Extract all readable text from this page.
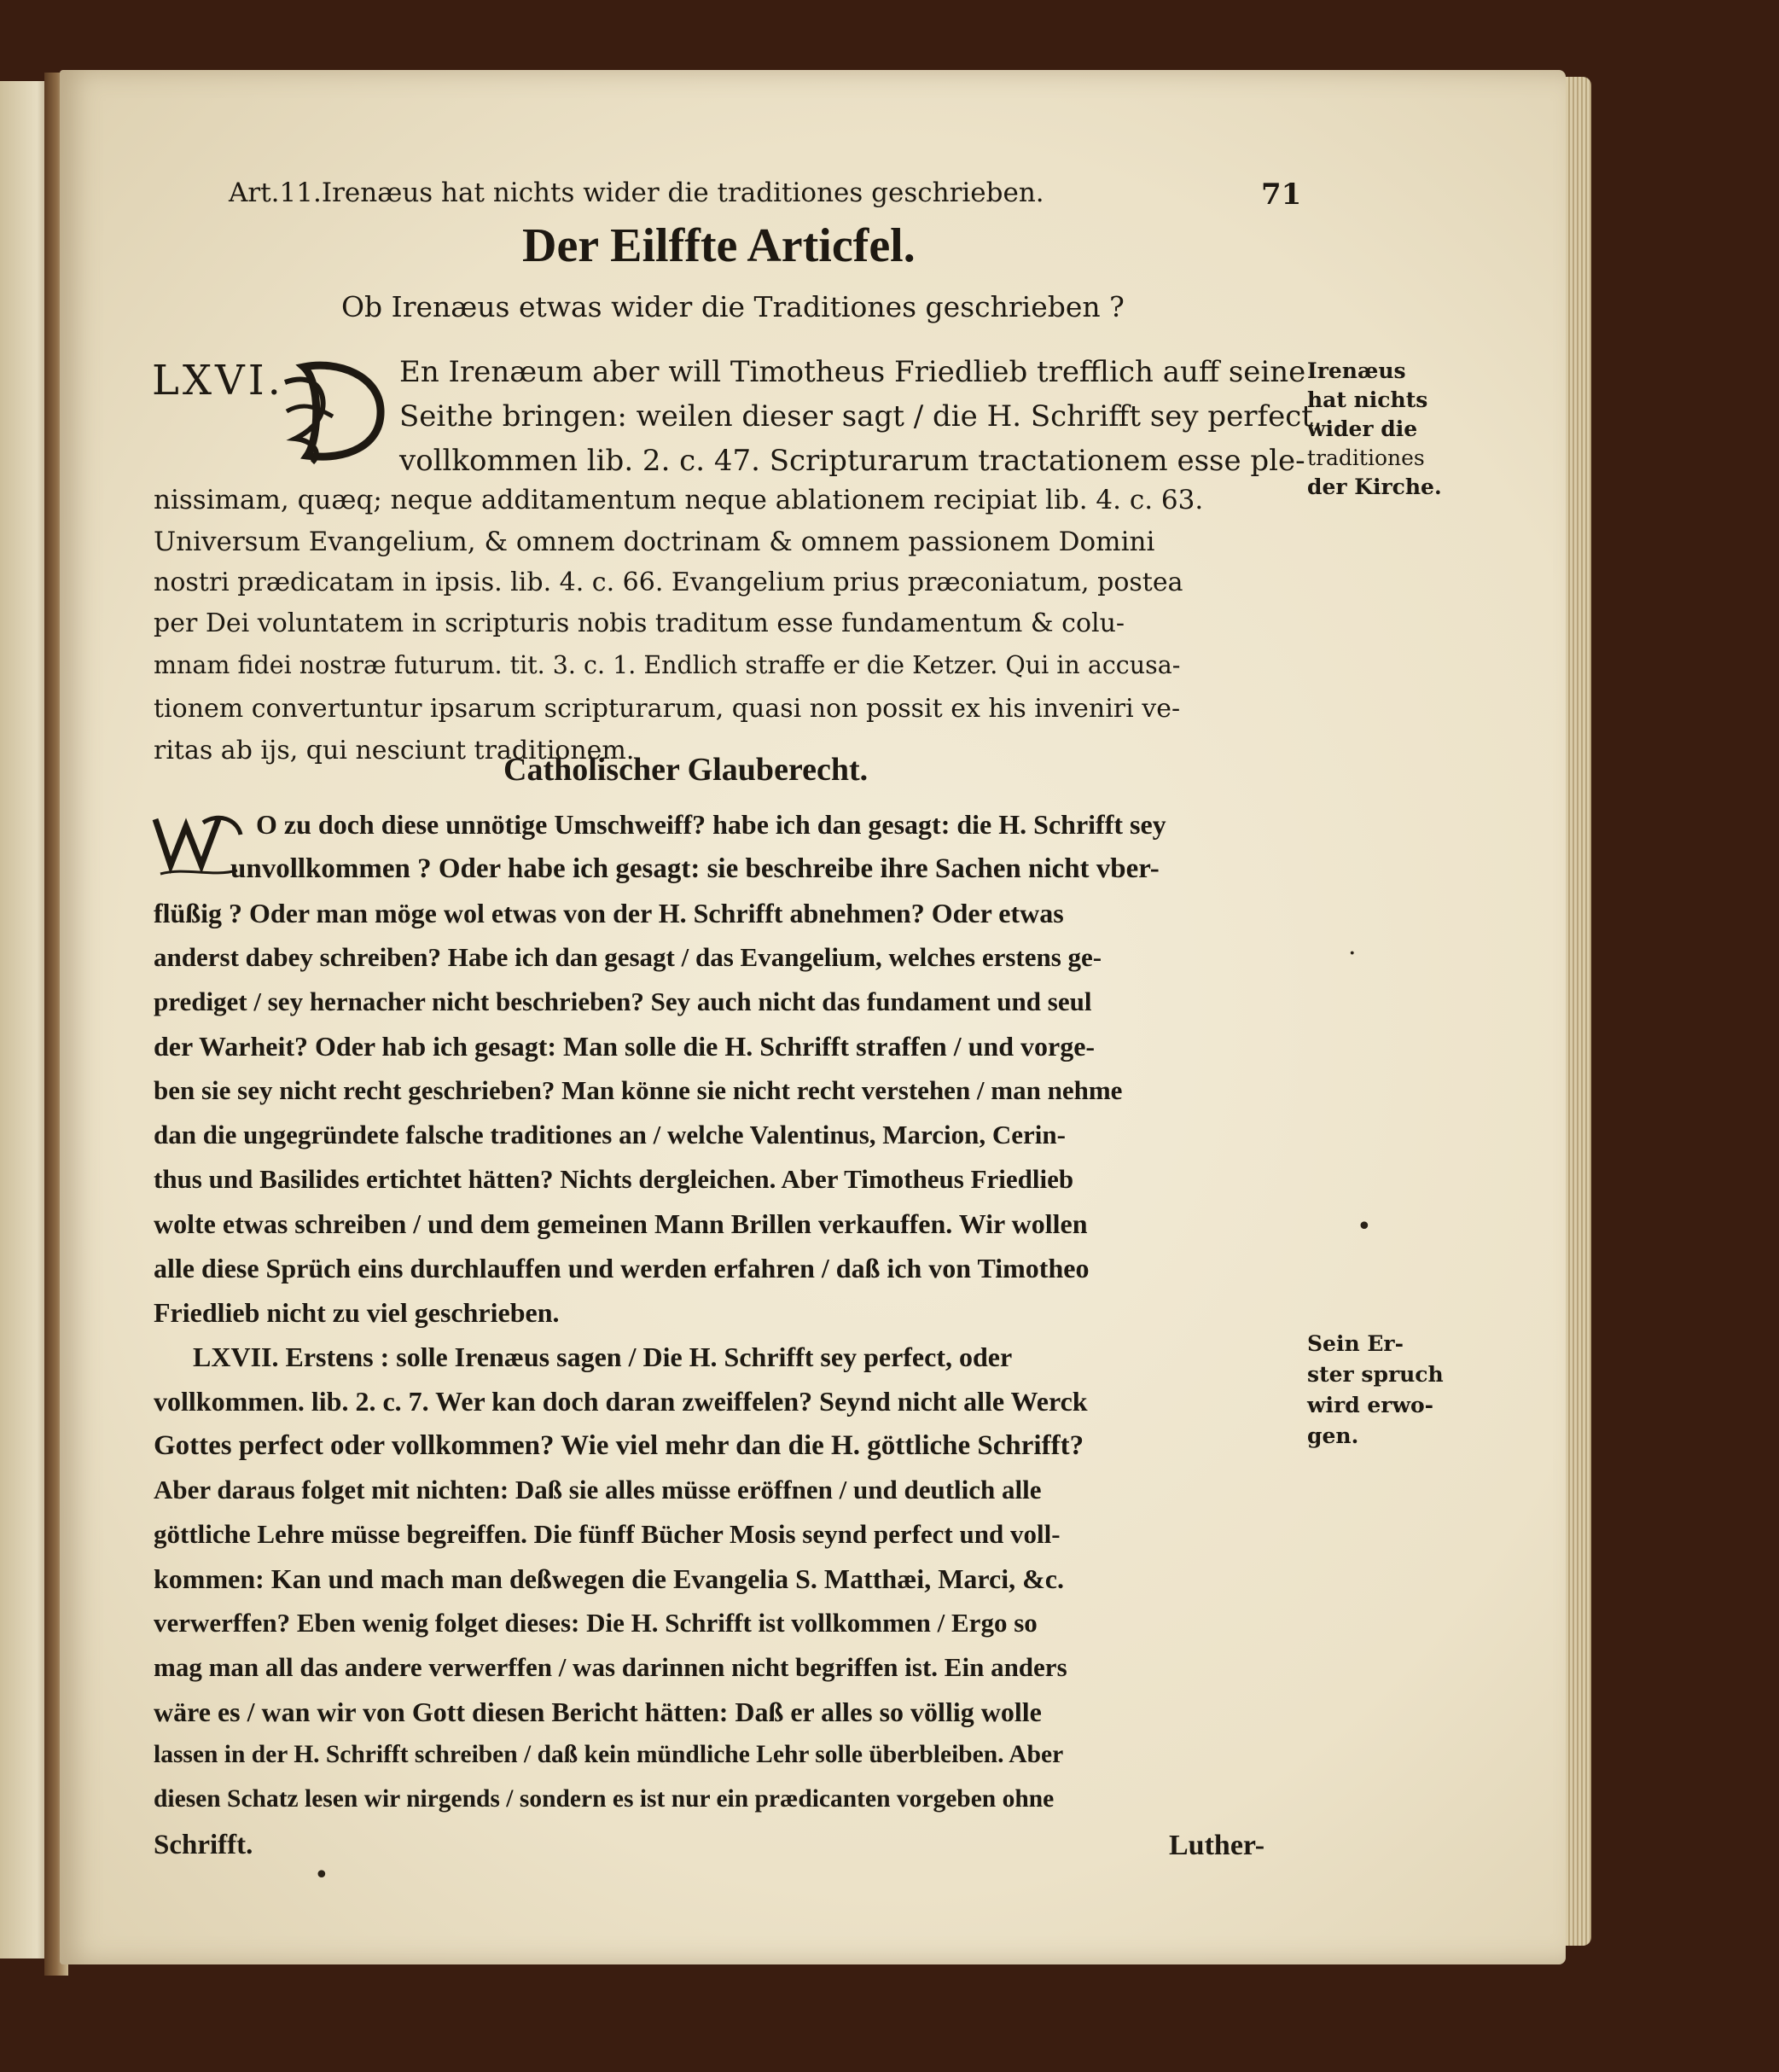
Art.11.Irenæus hat nichts wider die traditiones geschrieben.	71

Der Eilffte Articfel.

Ob Irenæus etwas wider die Traditiones geschrieben ?

LXVI.	En Irenæum aber will Timotheus Friedlieb trefflich auff seine

Seithe bringen: weilen dieser sagt / die H. Schrifft sey perfect,

vollkommen lib. 2. c. 47. Scripturarum tractationem esse ple-

nissimam, quæq; neque additamentum neque ablationem recipiat lib. 4. c. 63.

Universum Evangelium, & omnem doctrinam & omnem passionem Domini

nostri prædicatam in ipsis. lib. 4. c. 66. Evangelium prius præconiatum, postea

per Dei voluntatem in scripturis nobis traditum esse fundamentum & colu-

mnam fidei nostræ futurum. tit. 3. c. 1. Endlich straffe er die Ketzer. Qui in accusa-

tionem convertuntur ipsarum scripturarum, quasi non possit ex his inveniri ve-

ritas ab ijs, qui nesciunt traditionem.

Catholischer Glauberecht.

O zu doch diese unnötige Umschweiff? habe ich dan gesagt: die H. Schrifft sey

unvollkommen ? Oder habe ich gesagt: sie beschreibe ihre Sachen nicht vber-

flüßig ? Oder man möge wol etwas von der H. Schrifft abnehmen? Oder etwas

anderst dabey schreiben? Habe ich dan gesagt / das Evangelium, welches erstens ge-

prediget / sey hernacher nicht beschrieben? Sey auch nicht das fundament und seul

der Warheit? Oder hab ich gesagt: Man solle die H. Schrifft straffen / und vorge-

ben sie sey nicht recht geschrieben? Man könne sie nicht recht verstehen / man nehme

dan die ungegründete falsche traditiones an / welche Valentinus, Marcion, Cerin-

thus und Basilides ertichtet hätten? Nichts dergleichen. Aber Timotheus Friedlieb

wolte etwas schreiben / und dem gemeinen Mann Brillen verkauffen. Wir wollen

alle diese Sprüch eins durchlauffen und werden erfahren / daß ich von Timotheo

Friedlieb nicht zu viel geschrieben.

LXVII. Erstens : solle Irenæus sagen / Die H. Schrifft sey perfect, oder

vollkommen. lib. 2. c. 7. Wer kan doch daran zweiffelen? Seynd nicht alle Werck

Gottes perfect oder vollkommen? Wie viel mehr dan die H. göttliche Schrifft?

Aber daraus folget mit nichten: Daß sie alles müsse eröffnen / und deutlich alle

göttliche Lehre müsse begreiffen. Die fünff Bücher Mosis seynd perfect und voll-

kommen: Kan und mach man deßwegen die Evangelia S. Matthæi, Marci, &c.

verwerffen? Eben wenig folget dieses: Die H. Schrifft ist vollkommen / Ergo so

mag man all das andere verwerffen / was darinnen nicht begriffen ist. Ein anders

wäre es / wan wir von Gott diesen Bericht hätten: Daß er alles so völlig wolle

lassen in der H. Schrifft schreiben / daß kein mündliche Lehr solle überbleiben. Aber

diesen Schatz lesen wir nirgends / sondern es ist nur ein prædicanten vorgeben ohne

Schrifft.	Luther-

Irenæus

hat nichts

wider die

traditiones

der Kirche.

Sein Er-

ster spruch

wird erwo-

gen.

·
•
•
